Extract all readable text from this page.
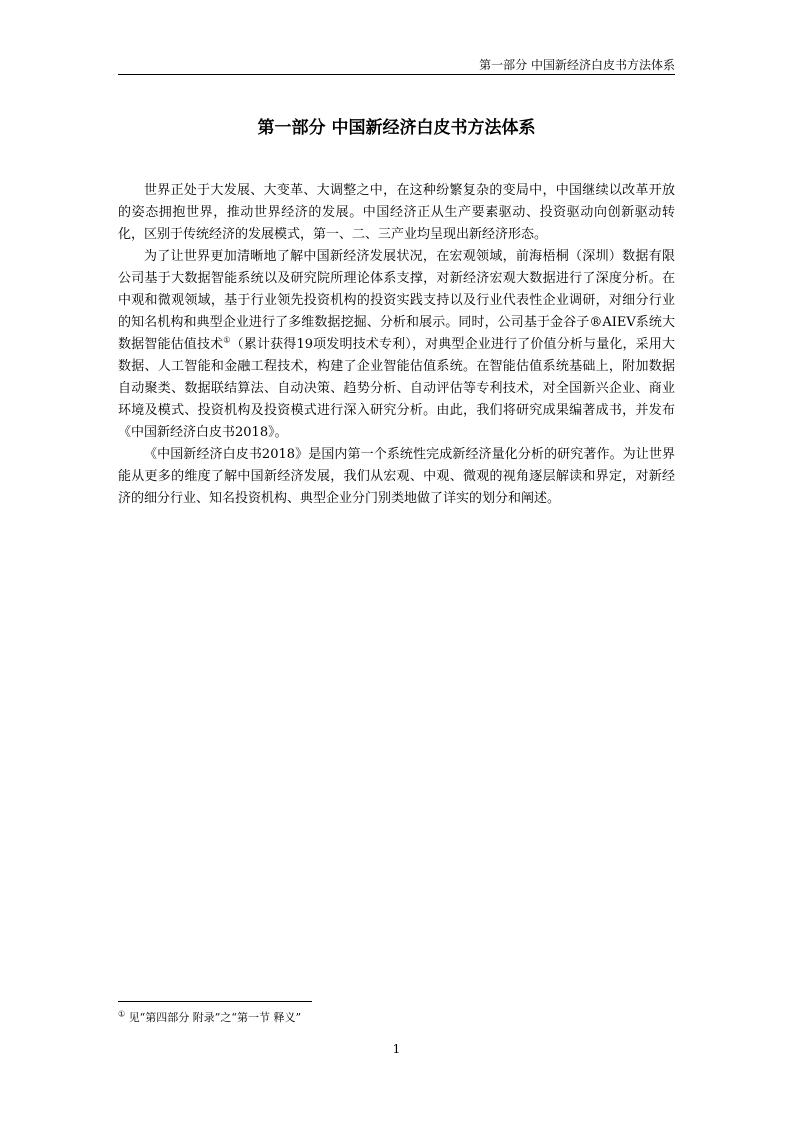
第一部分 中国新经济白皮书方法体系
第一部分 中国新经济白皮书方法体系

世界正处于大发展、大变革、大调整之中，在这种纷繁复杂的变局中，中国继续以改革开放的姿态拥抱世界，推动世界经济的发展。中国经济正从生产要素驱动、投资驱动向创新驱动转化，区别于传统经济的发展模式，第一、二、三产业均呈现出新经济形态。

为了让世界更加清晰地了解中国新经济发展状况，在宏观领域，前海梧桐（深圳）数据有限公司基于大数据智能系统以及研究院所理论体系支撑，对新经济宏观大数据进行了深度分析。在中观和微观领域，基于行业领先投资机构的投资实践支持以及行业代表性企业调研，对细分行业的知名机构和典型企业进行了多维数据挖掘、分析和展示。同时，公司基于金谷子®AIEV系统大数据智能估值技术①（累计获得19项发明技术专利），对典型企业进行了价值分析与量化，采用大数据、人工智能和金融工程技术，构建了企业智能估值系统。在智能估值系统基础上，附加数据自动聚类、数据联结算法、自动决策、趋势分析、自动评估等专利技术，对全国新兴企业、商业环境及模式、投资机构及投资模式进行深入研究分析。由此，我们将研究成果编著成书，并发布《中国新经济白皮书2018》。

《中国新经济白皮书2018》是国内第一个系统性完成新经济量化分析的研究著作。为让世界能从更多的维度了解中国新经济发展，我们从宏观、中观、微观的视角逐层解读和界定，对新经济的细分行业、知名投资机构、典型企业分门别类地做了详实的划分和阐述。

① 见“第四部分 附录”之“第一节 释义”
1
